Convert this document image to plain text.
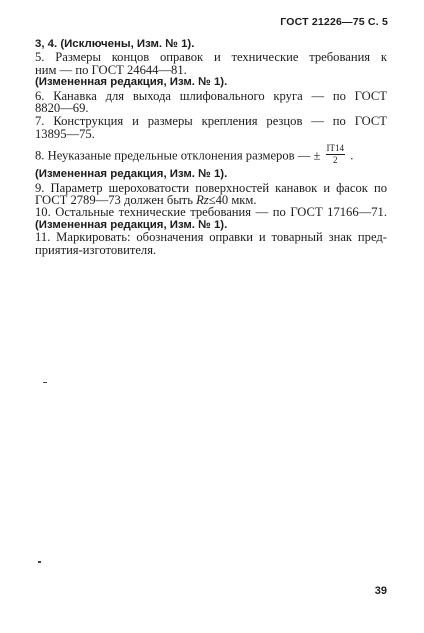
ГОСТ 21226—75 С. 5

3, 4. (Исключены, Изм. № 1).

5. Размеры концов оправок и технические требования к

ним — по ГОСТ 24644—81.

(Измененная редакция, Изм. № 1).

6. Канавка для выхода шлифовального круга — по ГОСТ

8820—69.

7. Конструкция и размеры крепления резцов — по ГОСТ

13895—75.

8. Неуказаные предельные отклонения размеров — ± $\frac{IT14}{2}$ .

(Измененная редакция, Изм. № 1).

9. Параметр шероховатости поверхностей канавок и фасок по

ГОСТ 2789—73 должен быть Rz≤40 мкм.

10. Остальные технические требования — по ГОСТ 17166—71.

(Измененная редакция, Изм. № 1).

11. Маркировать: обозначения оправки и товарный знак пред-

приятия-изготовителя.

39
